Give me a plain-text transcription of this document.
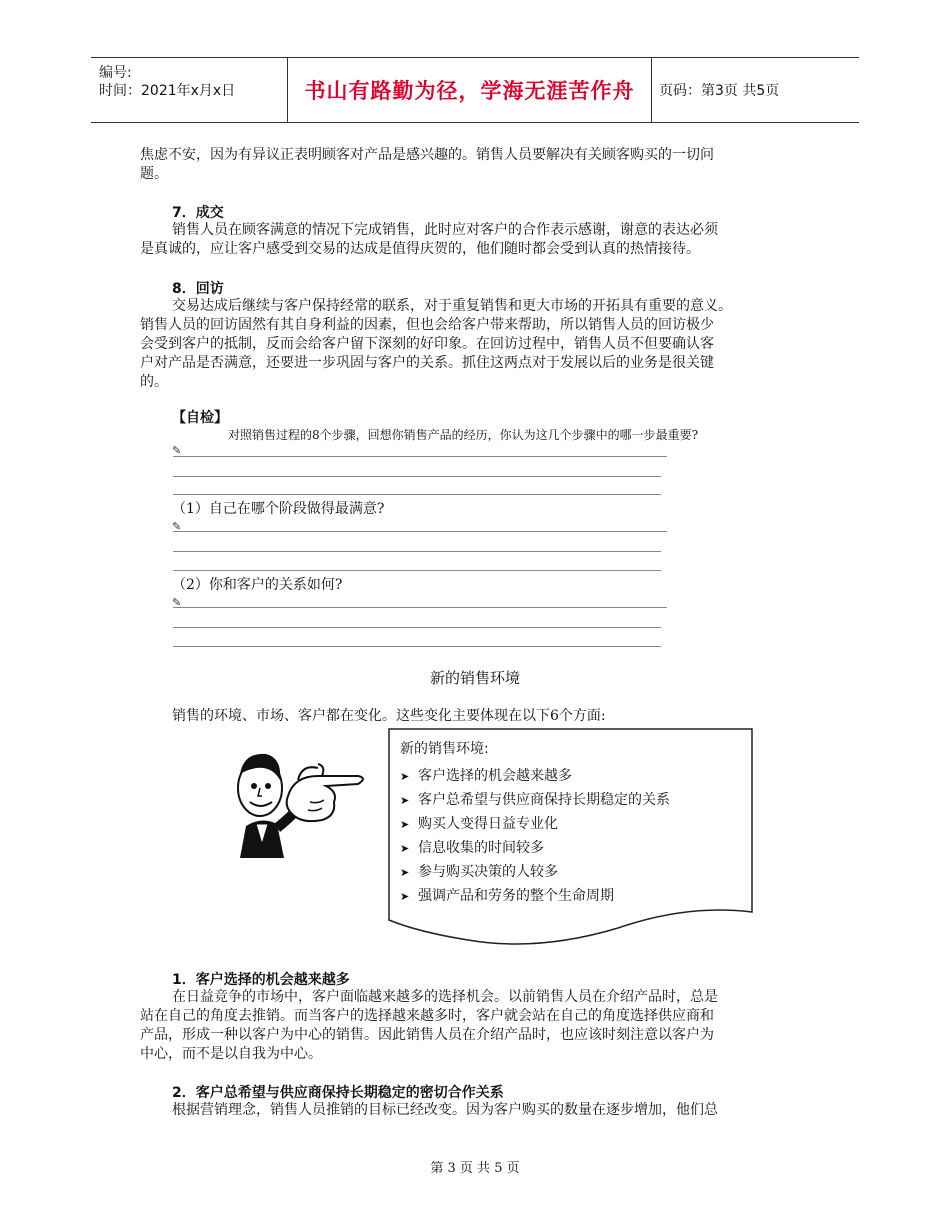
编号:
时间：2021年x月x日	书山有路勤为径，学海无涯苦作舟	页码：第3页 共5页

焦虑不安，因为有异议正表明顾客对产品是感兴趣的。销售人员要解决有关顾客购买的一切问

题。

7．成交

销售人员在顾客满意的情况下完成销售，此时应对客户的合作表示感谢，谢意的表达必须

是真诚的，应让客户感受到交易的达成是值得庆贺的，他们随时都会受到认真的热情接待。

8．回访

交易达成后继续与客户保持经常的联系，对于重复销售和更大市场的开拓具有重要的意义。

销售人员的回访固然有其自身利益的因素，但也会给客户带来帮助，所以销售人员的回访极少

会受到客户的抵制，反而会给客户留下深刻的好印象。在回访过程中，销售人员不但要确认客

户对产品是否满意，还要进一步巩固与客户的关系。抓住这两点对于发展以后的业务是很关键

的。

【自检】
对照销售过程的8个步骤，回想你销售产品的经历，你认为这几个步骤中的哪一步最重要?
✎
（1）自己在哪个阶段做得最满意?
✎
（2）你和客户的关系如何?
✎
新的销售环境

销售的环境、市场、客户都在变化。这些变化主要体现在以下6个方面:

新的销售环境:
➤ 客户选择的机会越来越多
➤ 客户总希望与供应商保持长期稳定的关系
➤ 购买人变得日益专业化
➤ 信息收集的时间较多
➤ 参与购买决策的人较多
➤ 强调产品和劳务的整个生命周期
1．客户选择的机会越来越多

在日益竞争的市场中，客户面临越来越多的选择机会。以前销售人员在介绍产品时，总是

站在自己的角度去推销。而当客户的选择越来越多时，客户就会站在自己的角度选择供应商和

产品，形成一种以客户为中心的销售。因此销售人员在介绍产品时，也应该时刻注意以客户为

中心，而不是以自我为中心。

2．客户总希望与供应商保持长期稳定的密切合作关系

根据营销理念，销售人员推销的目标已经改变。因为客户购买的数量在逐步增加，他们总

第 3 页 共 5 页
